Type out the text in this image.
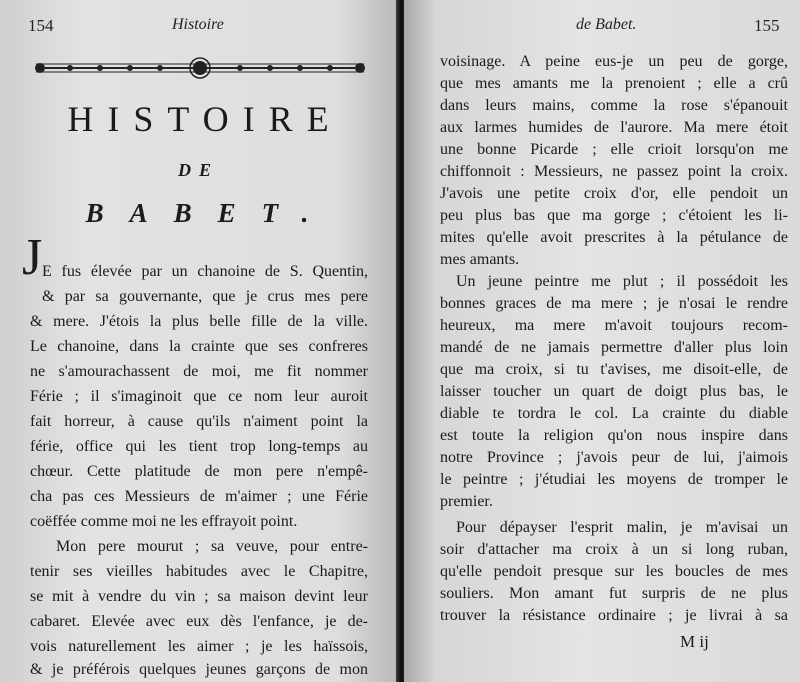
154	Histoire
HISTOIRE
DE
BABET.
J E fus élevée par un chanoine de S. Quentin,
& par sa gouvernante, que je crus mes pere
& mere. J'étois la plus belle fille de la ville.
Le chanoine, dans la crainte que ses confreres
ne s'amourachassent de moi, me fit nommer
Férie ; il s'imaginoit que ce nom leur auroit
fait horreur, à cause qu'ils n'aiment point la
férie, office qui les tient trop long-temps au
chœur. Cette platitude de mon pere n'empê-
cha pas ces Messieurs de m'aimer ; une Férie
coëffée comme moi ne les effrayoit point.
Mon pere mourut ; sa veuve, pour entre-
tenir ses vieilles habitudes avec le Chapitre,
se mit à vendre du vin ; sa maison devint leur
cabaret. Elevée avec eux dès l'enfance, je de-
vois naturellement les aimer ; je les haïssois,
& je préférois quelques jeunes garçons de mon
de Babet.	155
voisinage. A peine eus-je un peu de gorge,
que mes amants me la prenoient ; elle a crû
dans leurs mains, comme la rose s'épanouit
aux larmes humides de l'aurore. Ma mere étoit
une bonne Picarde ; elle crioit lorsqu'on me
chiffonnoit : Messieurs, ne passez point la croix.
J'avois une petite croix d'or, elle pendoit un
peu plus bas que ma gorge ; c'étoient les li-
mites qu'elle avoit prescrites à la pétulance de
mes amants.
Un jeune peintre me plut ; il possédoit les
bonnes graces de ma mere ; je n'osai le rendre
heureux, ma mere m'avoit toujours recom-
mandé de ne jamais permettre d'aller plus loin
que ma croix, si tu t'avises, me disoit-elle, de
laisser toucher un quart de doigt plus bas, le
diable te tordra le col. La crainte du diable
est toute la religion qu'on nous inspire dans
notre Province ; j'avois peur de lui, j'aimois
le peintre ; j'étudiai les moyens de tromper le
premier.
Pour dépayser l'esprit malin, je m'avisai un
soir d'attacher ma croix à un si long ruban,
qu'elle pendoit presque sur les boucles de mes
souliers. Mon amant fut surpris de ne plus
trouver la résistance ordinaire ; je livrai à sa
M ij
